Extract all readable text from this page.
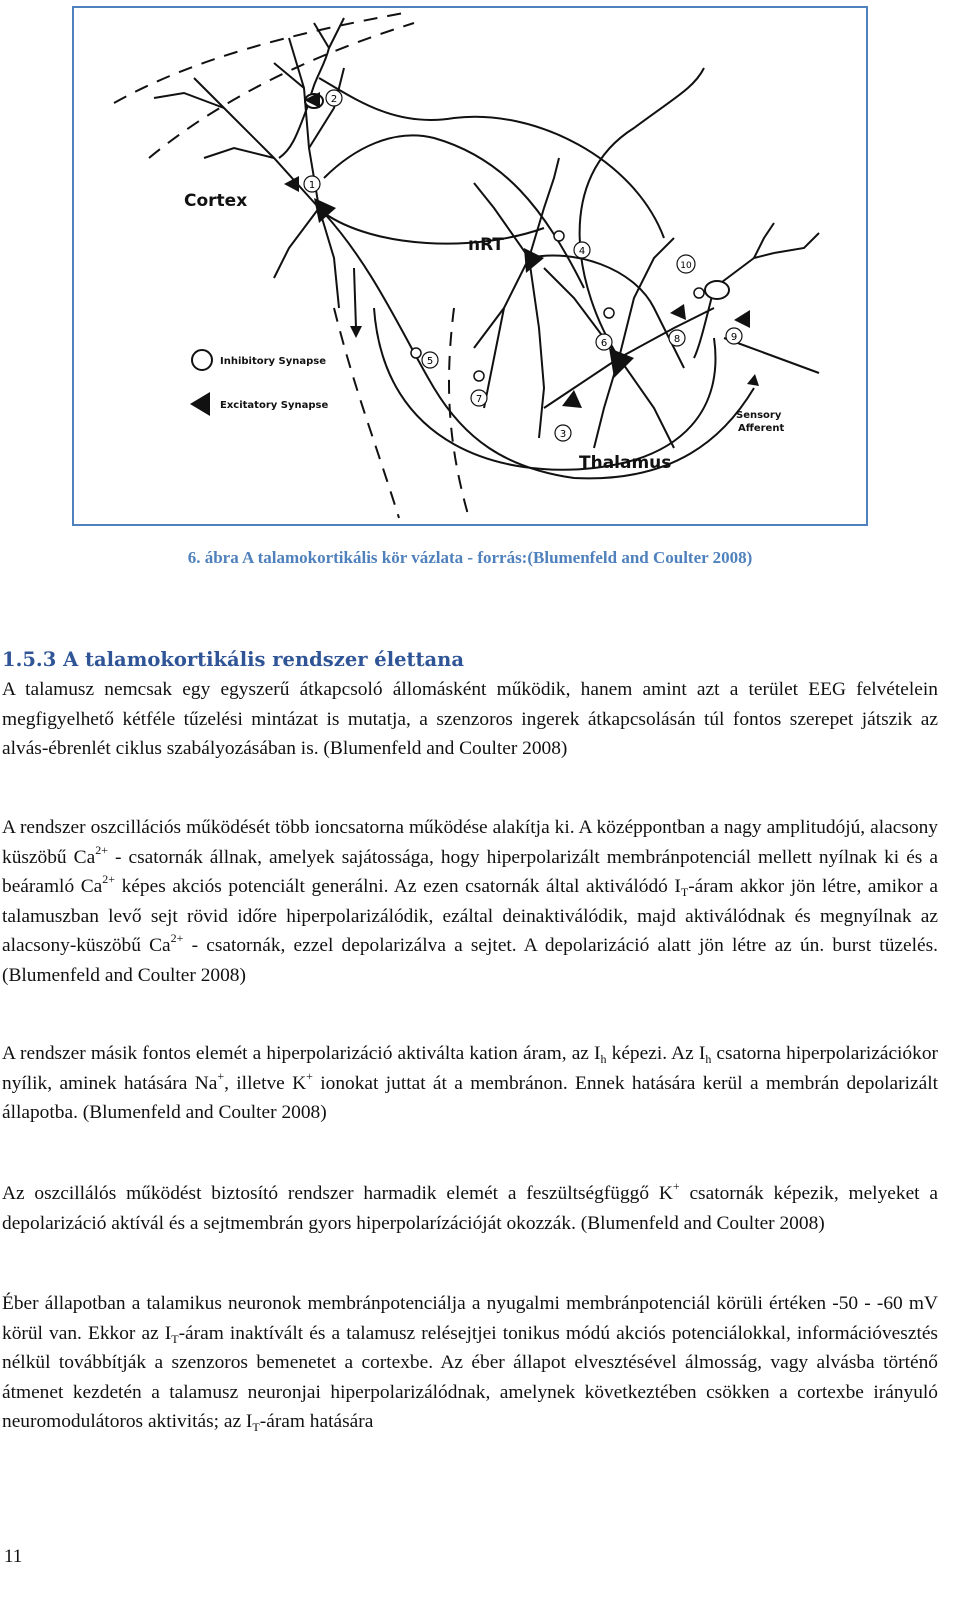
1
2
3
4
5
6
7
8	9
10
Cortex
nRT
Thalamus
Sensory
Afferent
Inhibitory Synapse
Excitatory Synapse
6. ábra A talamokortikális kör vázlata - forrás:(Blumenfeld and Coulter 2008)
1.5.3 A talamokortikális rendszer élettana
A talamusz nemcsak egy egyszerű átkapcsoló állomásként működik, hanem amint azt a terület EEG felvételein megfigyelhető kétféle tűzelési mintázat is mutatja, a szenzoros ingerek átkapcsolásán túl fontos szerepet játszik az alvás-ébrenlét ciklus szabályozásában is. (Blumenfeld and Coulter 2008)
A rendszer oszcillációs működését több ioncsatorna működése alakítja ki. A középpontban a nagy amplitudójú, alacsony küszöbű $Ca^{2+}$ - csatornák állnak, amelyek sajátossága, hogy hiperpolarizált membránpotenciál mellett nyílnak ki és a beáramló $Ca^{2+}$ képes akciós potenciált generálni. Az ezen csatornák által aktiválódó $I_T$-áram akkor jön létre, amikor a talamuszban levő sejt rövid időre hiperpolarizálódik, ezáltal deinaktiválódik, majd aktiválódnak és megnyílnak az alacsony-küszöbű $Ca^{2+}$ - csatornák, ezzel depolarizálva a sejtet. A depolarizáció alatt jön létre az ún. burst tüzelés. (Blumenfeld and Coulter 2008)
A rendszer másik fontos elemét a hiperpolarizáció aktiválta kation áram, az $I_h$ képezi. Az $I_h$ csatorna hiperpolarizációkor nyílik, aminek hatására Na+, illetve K+ ionokat juttat át a membránon. Ennek hatására kerül a membrán depolarizált állapotba. (Blumenfeld and Coulter 2008)
Az oszcillálós működést biztosító rendszer harmadik elemét a feszültségfüggő K+ csatornák képezik, melyeket a depolarizáció aktívál és a sejtmembrán gyors hiperpolarízációját okozzák. (Blumenfeld and Coulter 2008)
Éber állapotban a talamikus neuronok membránpotenciálja a nyugalmi membránpotenciál körüli értéken -50 - -60 mV körül van. Ekkor az $I_T$-áram inaktívált és a talamusz relésejtjei tonikus módú akciós potenciálokkal, információvesztés nélkül továbbítják a szenzoros bemenetet a cortexbe. Az éber állapot elvesztésével álmosság, vagy alvásba történő átmenet kezdetén a talamusz neuronjai hiperpolarizálódnak, amelynek következtében csökken a cortexbe irányuló neuromodulátoros aktivitás; az $I_T$-áram hatására
11
